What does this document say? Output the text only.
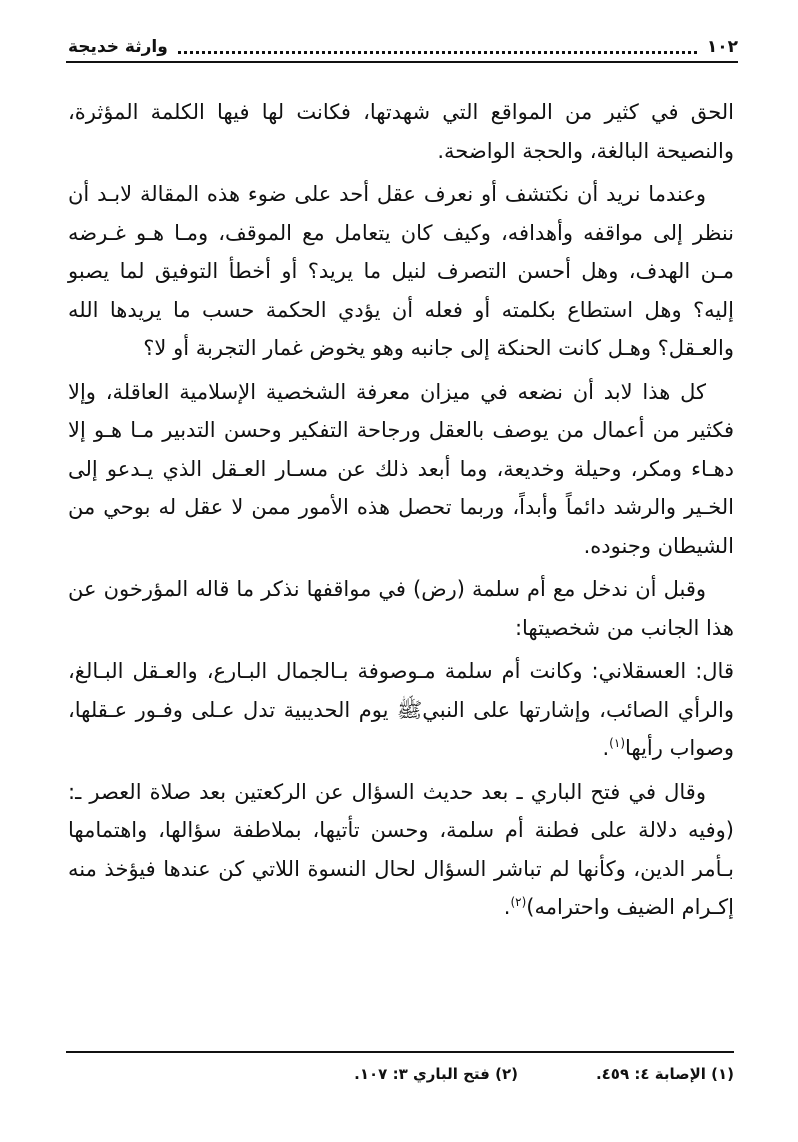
١٠٢
وارثة خديجة

الحق في كثير من المواقع التي شهدتها، فكانت لها فيها الكلمة المؤثرة، والنصيحة البالغة، والحجة الواضحة.

وعندما نريد أن نكتشف أو نعرف عقل أحد على ضوء هذه المقالة لابـد أن ننظر إلى مواقفه وأهدافه، وكيف كان يتعامل مع الموقف، ومـا هـو غـرضه مـن الهدف، وهل أحسن التصرف لنيل ما يريد؟ أو أخطأ التوفيق لما يصبو إليه؟ وهل استطاع بكلمته أو فعله أن يؤدي الحكمة حسب ما يريدها الله والعـقل؟ وهـل كانت الحنكة إلى جانبه وهو يخوض غمار التجربة أو لا؟

كل هذا لابد أن نضعه في ميزان معرفة الشخصية الإسلامية العاقلة، وإلا فكثير من أعمال من يوصف بالعقل ورجاحة التفكير وحسن التدبير مـا هـو إلا دهـاء ومكر، وحيلة وخديعة، وما أبعد ذلك عن مسـار العـقل الذي يـدعو إلى الخـير والرشد دائماً وأبداً، وربما تحصل هذه الأمور ممن لا عقل له بوحي من الشيطان وجنوده.

وقبل أن ندخل مع أم سلمة (رض) في مواقفها نذكر ما قاله المؤرخون عن هذا الجانب من شخصيتها:

قال: العسقلاني: وكانت أم سلمة مـوصوفة بـالجمال البـارع، والعـقل البـالغ، والرأي الصائب، وإشارتها على النبيﷺ يوم الحديبية تدل عـلى وفـور عـقلها، وصواب رأيها$^{(١)}$.

وقال في فتح الباري ـ بعد حديث السؤال عن الركعتين بعد صلاة العصر ـ: (وفيه دلالة على فطنة أم سلمة، وحسن تأتيها، بملاطفة سؤالها، واهتمامها بـأمر الدين، وكأنها لم تباشر السؤال لحال النسوة اللاتي كن عندها فيؤخذ منه إكـرام الضيف واحترامه)$^{(٢)}$.

(١) الإصابة ٤: ٤٥٩.
(٢) فتح الباري ٣: ١٠٧.
